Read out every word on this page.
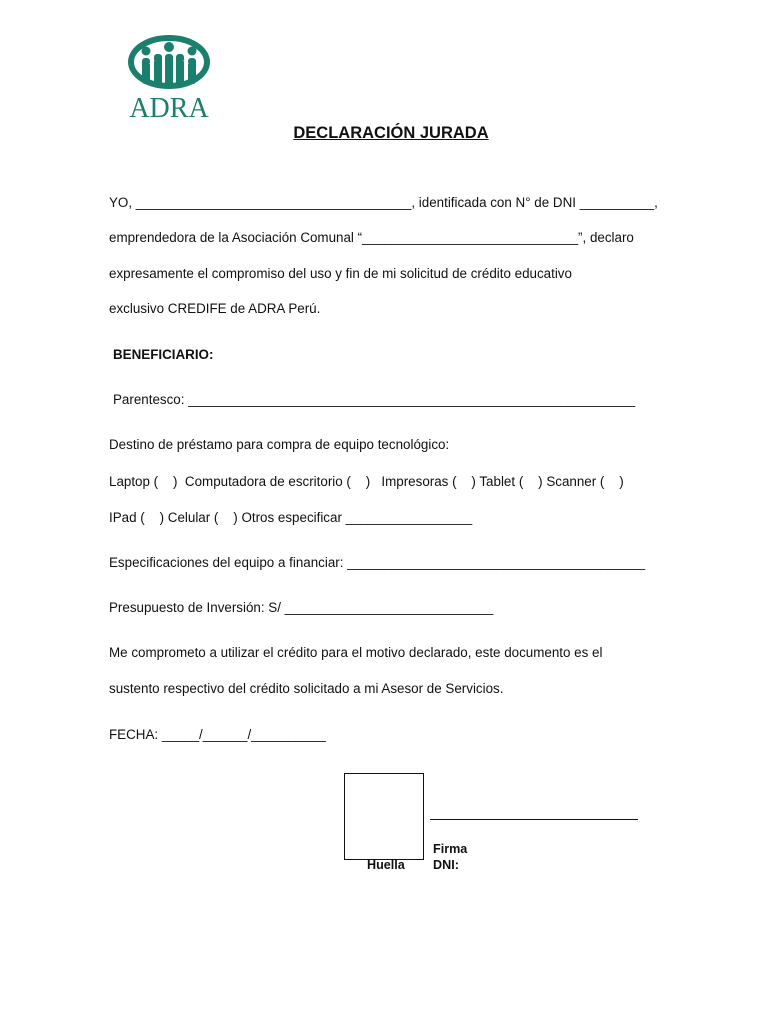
ADRA
DECLARACIÓN JURADA
YO, _____________________________________, identificada con N° de DNI __________,
emprendedora de la Asociación Comunal “_____________________________”, declaro
expresamente el compromiso del uso y fin de mi solicitud de crédito educativo
exclusivo CREDIFE de ADRA Perú.
BENEFICIARIO:
Parentesco: ____________________________________________________________
Destino de préstamo para compra de equipo tecnológico:
Laptop (    )  Computadora de escritorio (    )   Impresoras (    ) Tablet (    ) Scanner (    )
IPad (    ) Celular (    ) Otros especificar _________________
Especificaciones del equipo a financiar: ________________________________________
Presupuesto de Inversión: S/ ____________________________
Me comprometo a utilizar el crédito para el motivo declarado, este documento es el
sustento respectivo del crédito solicitado a mi Asesor de Servicios.
FECHA: _____/______/__________
Huella
Firma
DNI:
